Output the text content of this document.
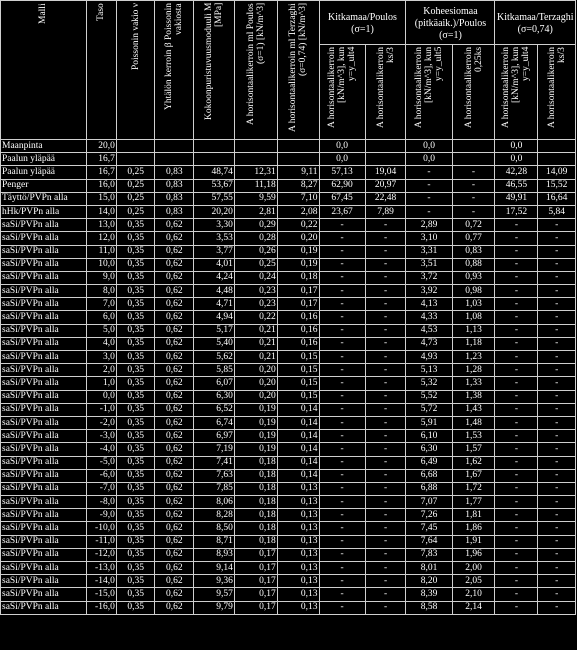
Malli	Taso	Poissonin vakio ν	Yhtälön kerroin β Poissonin vakiosta	Kokoonpuristuvuusmoduuli M [MPa]	A horisontaalikerroin ml Poulos (σ=1) [kN/m^3]	A horisontaalikerroin ml Terzaghi (σ=0,74) [kN/m^3]	Kitkamaa/Poulos (σ=1)		Koheesiomaa (pitkäaik.)/Poulos (σ=1)		Kitkamaa/Terzaghi (σ=0,74)	

							A horisontaalikerroin [kN/m^3], kun y=y_ult4	A horisontaalikerroin ks/3	A horisontaalikerroin [kN/m^3], kun y=y_ult5	A horisontaalikerroin 0,25ks	A horisontaalikerroin [kN/m^3], kun y=y_ult4	A horisontaalikerroin ks/3

Maanpinta	20,0						0,0		0,0		0,0	
Paalun yläpää	16,7						0,0		0,0		0,0	
Paalun yläpää	16,7	0,25	0,83	48,74	12,31	9,11	57,13	19,04	-	-	42,28	14,09
Penger	16,0	0,25	0,83	53,67	11,18	8,27	62,90	20,97	-	-	46,55	15,52
Täyttö/PVPn alla	15,0	0,25	0,83	57,55	9,59	7,10	67,45	22,48	-	-	49,91	16,64
hHk/PVPn alla	14,0	0,25	0,83	20,20	2,81	2,08	23,67	7,89	-	-	17,52	5,84
saSi/PVPn alla	13,0	0,35	0,62	3,30	0,29	0,22	-	-	2,89	0,72	-	-
saSi/PVPn alla	12,0	0,35	0,62	3,53	0,28	0,20	-	-	3,10	0,77	-	-
saSi/PVPn alla	11,0	0,35	0,62	3,77	0,26	0,19	-	-	3,31	0,83	-	-
saSi/PVPn alla	10,0	0,35	0,62	4,01	0,25	0,19	-	-	3,51	0,88	-	-
saSi/PVPn alla	9,0	0,35	0,62	4,24	0,24	0,18	-	-	3,72	0,93	-	-
saSi/PVPn alla	8,0	0,35	0,62	4,48	0,23	0,17	-	-	3,92	0,98	-	-
saSi/PVPn alla	7,0	0,35	0,62	4,71	0,23	0,17	-	-	4,13	1,03	-	-
saSi/PVPn alla	6,0	0,35	0,62	4,94	0,22	0,16	-	-	4,33	1,08	-	-
saSi/PVPn alla	5,0	0,35	0,62	5,17	0,21	0,16	-	-	4,53	1,13	-	-
saSi/PVPn alla	4,0	0,35	0,62	5,40	0,21	0,16	-	-	4,73	1,18	-	-
saSi/PVPn alla	3,0	0,35	0,62	5,62	0,21	0,15	-	-	4,93	1,23	-	-
saSi/PVPn alla	2,0	0,35	0,62	5,85	0,20	0,15	-	-	5,13	1,28	-	-
saSi/PVPn alla	1,0	0,35	0,62	6,07	0,20	0,15	-	-	5,32	1,33	-	-
saSi/PVPn alla	0,0	0,35	0,62	6,30	0,20	0,15	-	-	5,52	1,38	-	-
saSi/PVPn alla	-1,0	0,35	0,62	6,52	0,19	0,14	-	-	5,72	1,43	-	-
saSi/PVPn alla	-2,0	0,35	0,62	6,74	0,19	0,14	-	-	5,91	1,48	-	-
saSi/PVPn alla	-3,0	0,35	0,62	6,97	0,19	0,14	-	-	6,10	1,53	-	-
saSi/PVPn alla	-4,0	0,35	0,62	7,19	0,19	0,14	-	-	6,30	1,57	-	-
saSi/PVPn alla	-5,0	0,35	0,62	7,41	0,18	0,14	-	-	6,49	1,62	-	-
saSi/PVPn alla	-6,0	0,35	0,62	7,63	0,18	0,14	-	-	6,68	1,67	-	-
saSi/PVPn alla	-7,0	0,35	0,62	7,85	0,18	0,13	-	-	6,88	1,72	-	-
saSi/PVPn alla	-8,0	0,35	0,62	8,06	0,18	0,13	-	-	7,07	1,77	-	-
saSi/PVPn alla	-9,0	0,35	0,62	8,28	0,18	0,13	-	-	7,26	1,81	-	-
saSi/PVPn alla	-10,0	0,35	0,62	8,50	0,18	0,13	-	-	7,45	1,86	-	-
saSi/PVPn alla	-11,0	0,35	0,62	8,71	0,18	0,13	-	-	7,64	1,91	-	-
saSi/PVPn alla	-12,0	0,35	0,62	8,93	0,17	0,13	-	-	7,83	1,96	-	-
saSi/PVPn alla	-13,0	0,35	0,62	9,14	0,17	0,13	-	-	8,01	2,00	-	-
saSi/PVPn alla	-14,0	0,35	0,62	9,36	0,17	0,13	-	-	8,20	2,05	-	-
saSi/PVPn alla	-15,0	0,35	0,62	9,57	0,17	0,13	-	-	8,39	2,10	-	-
saSi/PVPn alla	-16,0	0,35	0,62	9,79	0,17	0,13	-	-	8,58	2,14	-	-
